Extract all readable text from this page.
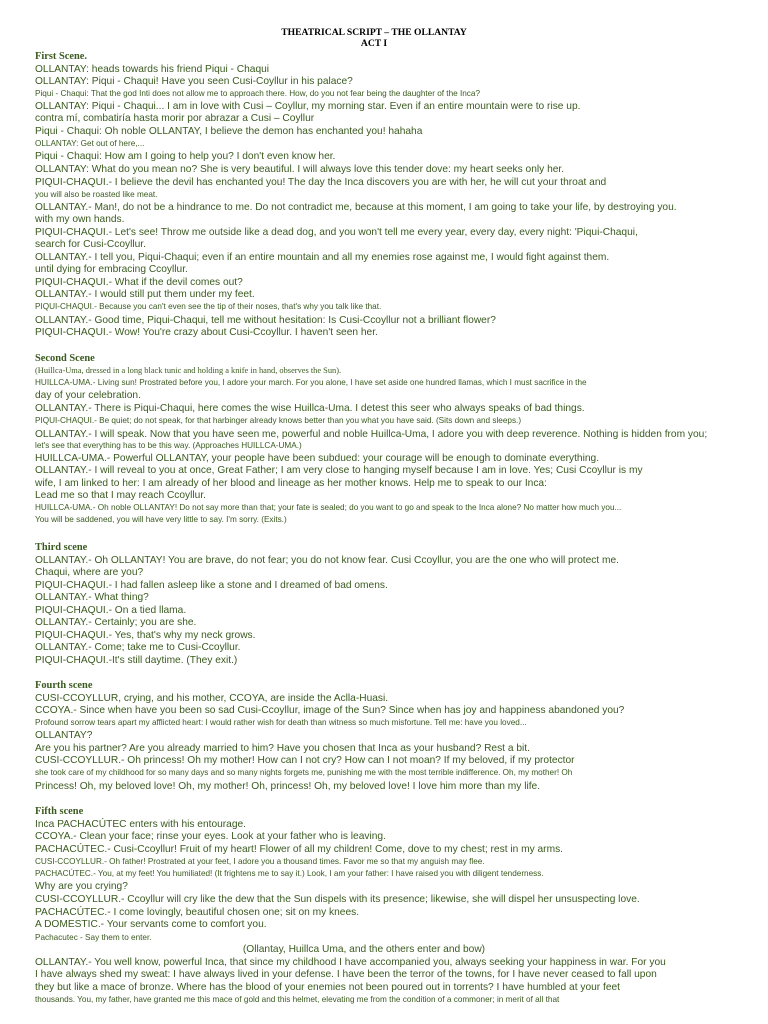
THEATRICAL SCRIPT – THE OLLANTAY
ACT I
First Scene.
OLLANTAY: heads towards his friend Piqui - Chaqui
OLLANTAY: Piqui - Chaqui! Have you seen Cusi-Coyllur in his palace?
Piqui - Chaqui: That the god Inti does not allow me to approach there. How, do you not fear being the daughter of the Inca?
OLLANTAY: Piqui - Chaqui... I am in love with Cusi – Coyllur, my morning star. Even if an entire mountain were to rise up.
contra mí, combatiría hasta morir por abrazar a Cusi – Coyllur
Piqui - Chaqui: Oh noble OLLANTAY, I believe the demon has enchanted you! hahaha
OLLANTAY: Get out of here,...
Piqui - Chaqui: How am I going to help you? I don't even know her.
OLLANTAY: What do you mean no? She is very beautiful. I will always love this tender dove: my heart seeks only her.
PIQUI-CHAQUI.- I believe the devil has enchanted you! The day the Inca discovers you are with her, he will cut your throat and
you will also be roasted like meat.
OLLANTAY.- Man!, do not be a hindrance to me. Do not contradict me, because at this moment, I am going to take your life, by destroying you.
with my own hands.
PIQUI-CHAQUI.- Let's see! Throw me outside like a dead dog, and you won't tell me every year, every day, every night: 'Piqui-Chaqui,
search for Cusi-Ccoyllur.
OLLANTAY.- I tell you, Piqui-Chaqui; even if an entire mountain and all my enemies rose against me, I would fight against them.
until dying for embracing Ccoyllur.
PIQUI-CHAQUI.- What if the devil comes out?
OLLANTAY.- I would still put them under my feet.
PIQUI-CHAQUI.- Because you can't even see the tip of their noses, that's why you talk like that.
OLLANTAY.- Good time, Piqui-Chaqui, tell me without hesitation: Is Cusi-Ccoyllur not a brilliant flower?
PIQUI-CHAQUI.- Wow! You're crazy about Cusi-Ccoyllur. I haven't seen her.
Second Scene
(Huillca-Uma, dressed in a long black tunic and holding a knife in hand, observes the Sun).
HUILLCA-UMA.- Living sun! Prostrated before you, I adore your march. For you alone, I have set aside one hundred llamas, which I must sacrifice in the
day of your celebration.
OLLANTAY.- There is Piqui-Chaqui, here comes the wise Huillca-Uma. I detest this seer who always speaks of bad things.
PIQUI-CHAQUI.- Be quiet; do not speak, for that harbinger already knows better than you what you have said. (Sits down and sleeps.)
OLLANTAY.- I will speak. Now that you have seen me, powerful and noble Huillca-Uma, I adore you with deep reverence. Nothing is hidden from you;
let's see that everything has to be this way. (Approaches HUILLCA-UMA.)
HUILLCA-UMA.- Powerful OLLANTAY, your people have been subdued: your courage will be enough to dominate everything.
OLLANTAY.- I will reveal to you at once, Great Father; I am very close to hanging myself because I am in love. Yes; Cusi Ccoyllur is my
wife, I am linked to her: I am already of her blood and lineage as her mother knows. Help me to speak to our Inca:
Lead me so that I may reach Ccoyllur.
HUILLCA-UMA.- Oh noble OLLANTAY! Do not say more than that; your fate is sealed; do you want to go and speak to the Inca alone? No matter how much you...
You will be saddened, you will have very little to say. I'm sorry. (Exits.)
Third scene
OLLANTAY.- Oh OLLANTAY! You are brave, do not fear; you do not know fear. Cusi Ccoyllur, you are the one who will protect me.
Chaqui, where are you?
PIQUI-CHAQUI.- I had fallen asleep like a stone and I dreamed of bad omens.
OLLANTAY.- What thing?
PIQUI-CHAQUI.- On a tied llama.
OLLANTAY.- Certainly; you are she.
PIQUI-CHAQUI.- Yes, that's why my neck grows.
OLLANTAY.- Come; take me to Cusi-Ccoyllur.
PIQUI-CHAQUI.-It's still daytime. (They exit.)
Fourth scene
CUSI-CCOYLLUR, crying, and his mother, CCOYA, are inside the Aclla-Huasi.
CCOYA.- Since when have you been so sad Cusi-Ccoyllur, image of the Sun? Since when has joy and happiness abandoned you?
Profound sorrow tears apart my afflicted heart: I would rather wish for death than witness so much misfortune. Tell me: have you loved...
OLLANTAY?
Are you his partner? Are you already married to him? Have you chosen that Inca as your husband? Rest a bit.
CUSI-CCOYLLUR.- Oh princess! Oh my mother! How can I not cry? How can I not moan? If my beloved, if my protector
she took care of my childhood for so many days and so many nights forgets me, punishing me with the most terrible indifference. Oh, my mother! Oh
Princess! Oh, my beloved love! Oh, my mother! Oh, princess! Oh, my beloved love! I love him more than my life.
Fifth scene
Inca PACHACÚTEC enters with his entourage.
CCOYA.- Clean your face; rinse your eyes. Look at your father who is leaving.
PACHACÚTEC.- Cusi-Ccoyllur! Fruit of my heart! Flower of all my children! Come, dove to my chest; rest in my arms.
CUSI-CCOYLLUR.- Oh father! Prostrated at your feet, I adore you a thousand times. Favor me so that my anguish may flee.
PACHACÚTEC.- You, at my feet! You humiliated! (It frightens me to say it.) Look, I am your father: I have raised you with diligent tenderness.
Why are you crying?
CUSI-CCOYLLUR.- Ccoyllur will cry like the dew that the Sun dispels with its presence; likewise, she will dispel her unsuspecting love.
PACHACÚTEC.- I come lovingly, beautiful chosen one; sit on my knees.
A DOMESTIC.- Your servants come to comfort you.
Pachacutec - Say them to enter.
(Ollantay, Huillca Uma, and the others enter and bow)
OLLANTAY.- You well know, powerful Inca, that since my childhood I have accompanied you, always seeking your happiness in war. For you
I have always shed my sweat: I have always lived in your defense. I have been the terror of the towns, for I have never ceased to fall upon
they but like a mace of bronze. Where has the blood of your enemies not been poured out in torrents? I have humbled at your feet
thousands. You, my father, have granted me this mace of gold and this helmet, elevating me from the condition of a commoner; in merit of all that
